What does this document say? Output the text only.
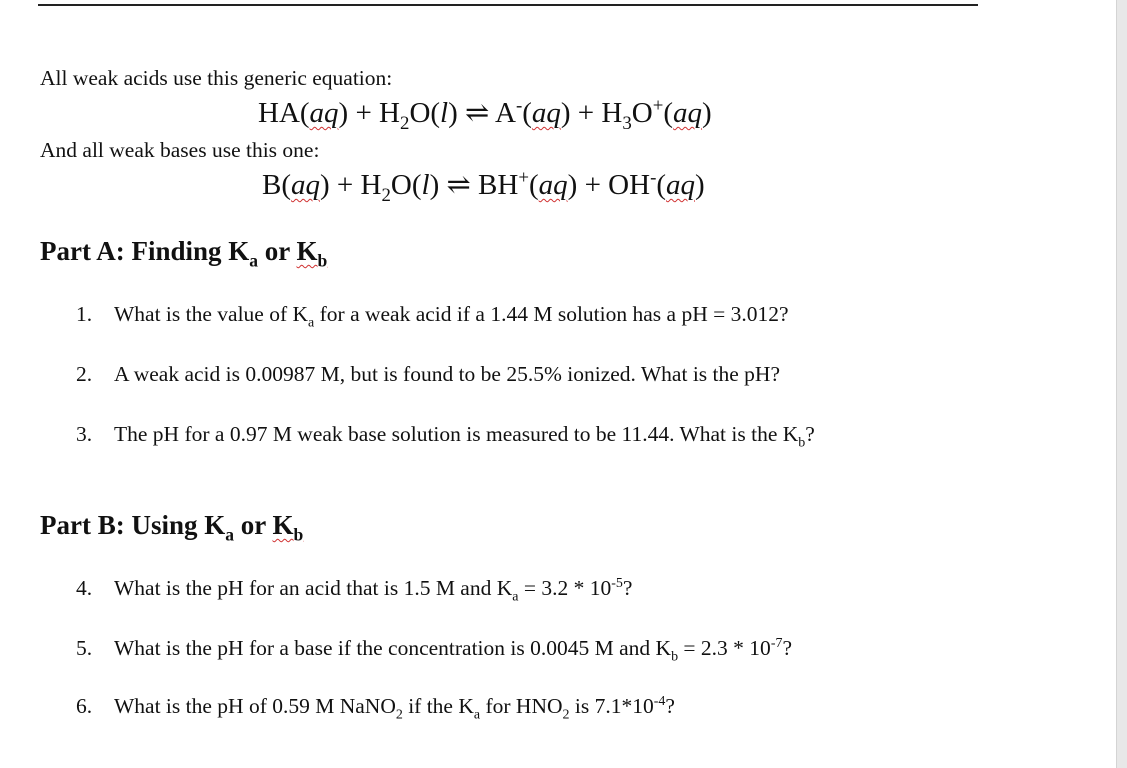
All weak acids use this generic equation:
$HA(aq) + H_2O(l)$ ⇌ $A^-(aq) + H_3O^+(aq)$
And all weak bases use this one:
$B(aq) + H_2O(l)$ ⇌ BH+(aq) + OH-(aq)
Part A: Finding $K_a$ or $K_b$
1. What is the value of $K_a$ for a weak acid if a 1.44 M solution has a pH = 3.012?
2. A weak acid is 0.00987 M, but is found to be 25.5% ionized. What is the pH?
3. The pH for a 0.97 M weak base solution is measured to be 11.44. What is the $K_b$?
Part B: Using $K_a$ or $K_b$
4. What is the pH for an acid that is 1.5 M and $K_a = 3.2 * 10^{-5}$?
5. What is the pH for a base if the concentration is 0.0045 M and $K_b = 2.3 * 10^{-7}$?
6. What is the pH of 0.59 M NaNO$_2$ if the $K_a$ for $HNO_2$ is $7.1*10^{-4}$?
